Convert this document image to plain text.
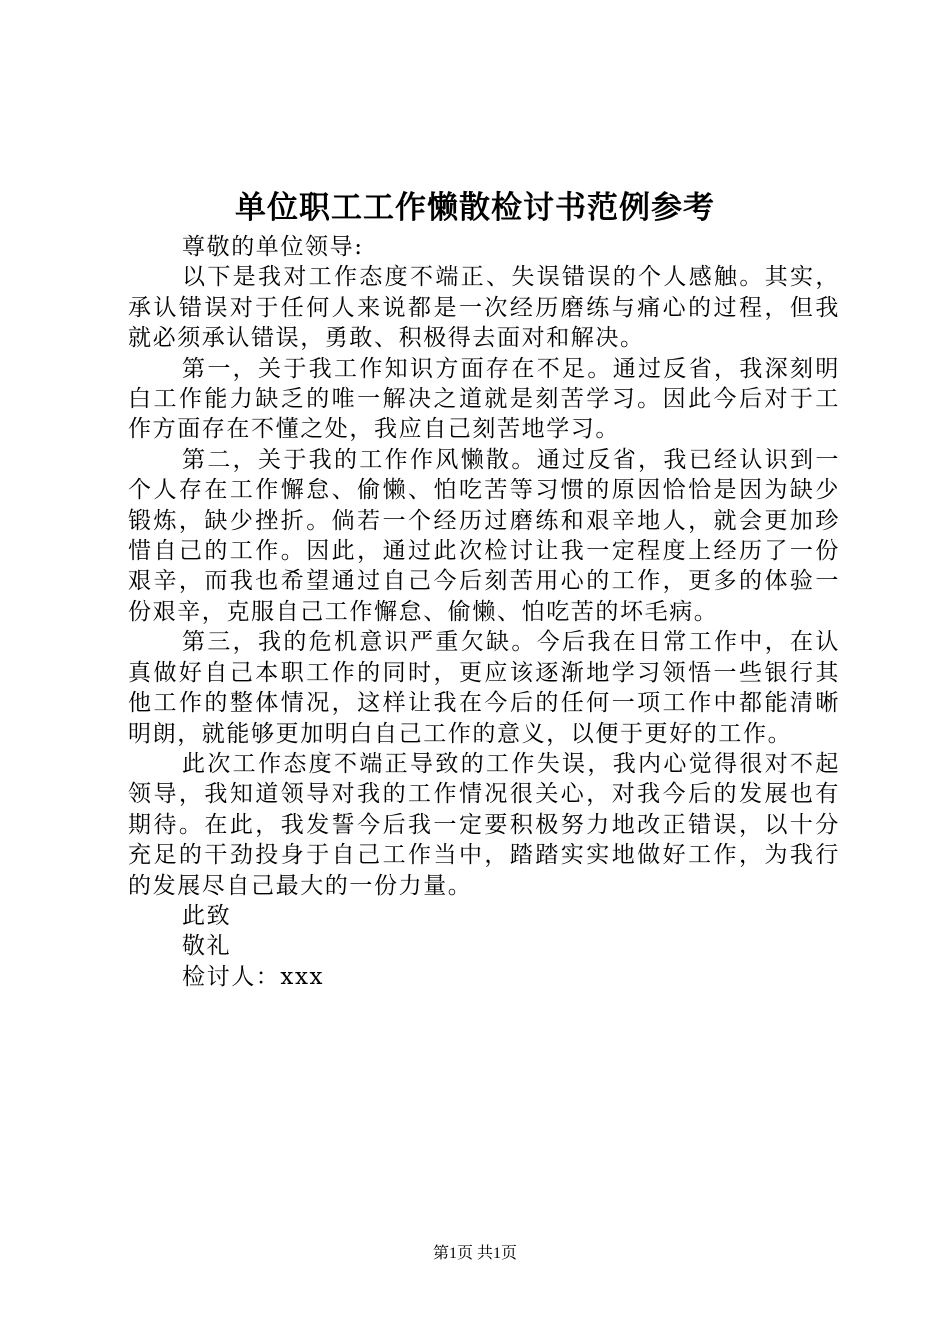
单位职工工作懒散检讨书范例参考

尊敬的单位领导:

以下是我对工作态度不端正、失误错误的个人感触。其实，承认错误对于任何人来说都是一次经历磨练与痛心的过程，但我就必须承认错误，勇敢、积极得去面对和解决。

第一，关于我工作知识方面存在不足。通过反省，我深刻明白工作能力缺乏的唯一解决之道就是刻苦学习。因此今后对于工作方面存在不懂之处，我应自己刻苦地学习。

第二，关于我的工作作风懒散。通过反省，我已经认识到一个人存在工作懈怠、偷懒、怕吃苦等习惯的原因恰恰是因为缺少锻炼，缺少挫折。倘若一个经历过磨练和艰辛地人，就会更加珍惜自己的工作。因此，通过此次检讨让我一定程度上经历了一份艰辛，而我也希望通过自己今后刻苦用心的工作，更多的体验一份艰辛，克服自己工作懈怠、偷懒、怕吃苦的坏毛病。

第三，我的危机意识严重欠缺。今后我在日常工作中，在认真做好自己本职工作的同时，更应该逐渐地学习领悟一些银行其他工作的整体情况，这样让我在今后的任何一项工作中都能清晰明朗，就能够更加明白自己工作的意义，以便于更好的工作。

此次工作态度不端正导致的工作失误，我内心觉得很对不起领导，我知道领导对我的工作情况很关心，对我今后的发展也有期待。在此，我发誓今后我一定要积极努力地改正错误，以十分充足的干劲投身于自己工作当中，踏踏实实地做好工作，为我行的发展尽自己最大的一份力量。

此致

敬礼

检讨人：xxx

第1页 共1页
